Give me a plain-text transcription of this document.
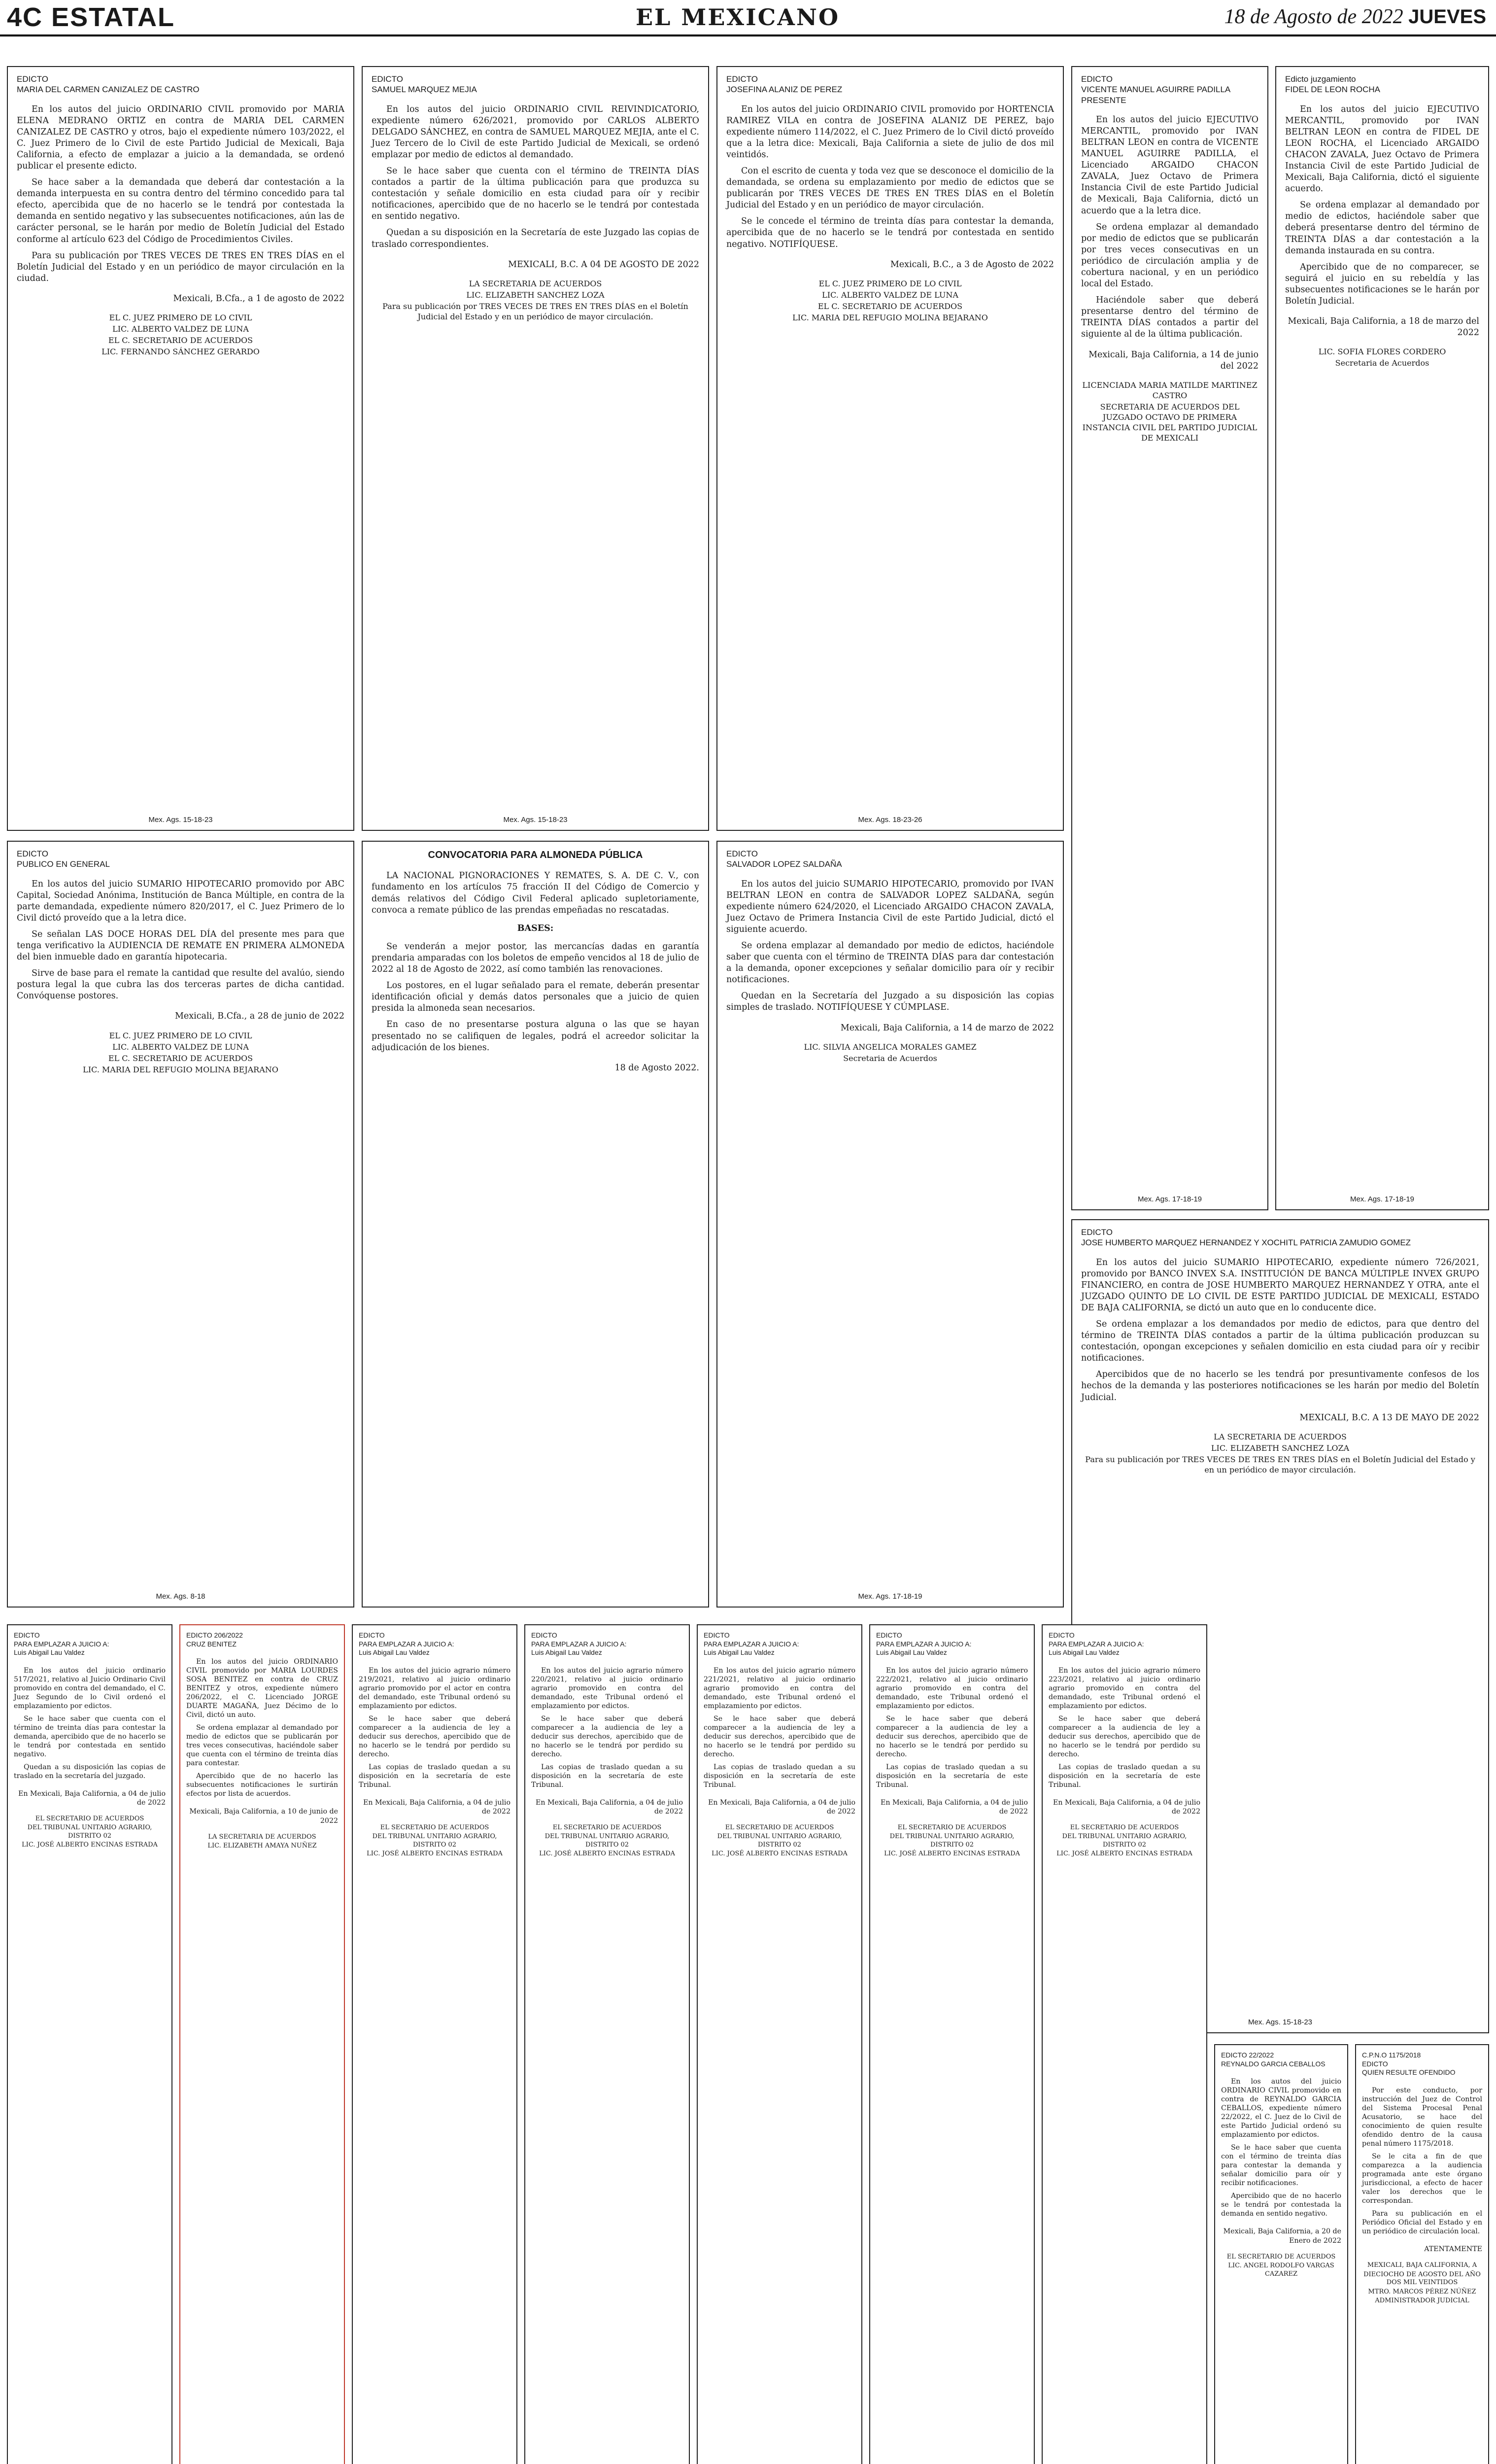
4C ESTATAL	EL MEXICANO	18 de Agosto de 2022 JUEVES

EDICTO

MARIA DEL CARMEN CANIZALEZ DE CASTRO

En los autos del juicio ORDINARIO CIVIL promovido por MARIA ELENA MEDRANO ORTIZ en contra de MARIA DEL CARMEN CANIZALEZ DE CASTRO y otros, bajo el expediente número 103/2022, el C. Juez Primero de lo Civil de este Partido Judicial de Mexicali, Baja California, a efecto de emplazar a juicio a la demandada, se ordenó publicar el presente edicto.

Se hace saber a la demandada que deberá dar contestación a la demanda interpuesta en su contra dentro del término concedido para tal efecto, apercibida que de no hacerlo se le tendrá por contestada la demanda en sentido negativo y las subsecuentes notificaciones, aún las de carácter personal, se le harán por medio de Boletín Judicial del Estado conforme al artículo 623 del Código de Procedimientos Civiles.

Para su publicación por TRES VECES DE TRES EN TRES DÍAS en el Boletín Judicial del Estado y en un periódico de mayor circulación en la ciudad.

Mexicali, B.Cfa., a 1 de agosto de 2022

EL C. JUEZ PRIMERO DE LO CIVIL

LIC. ALBERTO VALDEZ DE LUNA

EL C. SECRETARIO DE ACUERDOS

LIC. FERNANDO SÁNCHEZ GERARDO

Mex. Ags. 15-18-23

EDICTO

SAMUEL MARQUEZ MEJIA

En los autos del juicio ORDINARIO CIVIL REIVINDICATORIO, expediente número 626/2021, promovido por CARLOS ALBERTO DELGADO SÁNCHEZ, en contra de SAMUEL MARQUEZ MEJIA, ante el C. Juez Tercero de lo Civil de este Partido Judicial de Mexicali, se ordenó emplazar por medio de edictos al demandado.

Se le hace saber que cuenta con el término de TREINTA DÍAS contados a partir de la última publicación para que produzca su contestación y señale domicilio en esta ciudad para oír y recibir notificaciones, apercibido que de no hacerlo se le tendrá por contestada en sentido negativo.

Quedan a su disposición en la Secretaría de este Juzgado las copias de traslado correspondientes.

MEXICALI, B.C. A 04 DE AGOSTO DE 2022

LA SECRETARIA DE ACUERDOS

LIC. ELIZABETH SANCHEZ LOZA

Para su publicación por TRES VECES DE TRES EN TRES DÍAS en el Boletín Judicial del Estado y en un periódico de mayor circulación.

Mex. Ags. 15-18-23

EDICTO

JOSEFINA ALANIZ DE PEREZ

En los autos del juicio ORDINARIO CIVIL promovido por HORTENCIA RAMIREZ VILA en contra de JOSEFINA ALANIZ DE PEREZ, bajo expediente número 114/2022, el C. Juez Primero de lo Civil dictó proveído que a la letra dice: Mexicali, Baja California a siete de julio de dos mil veintidós.

Con el escrito de cuenta y toda vez que se desconoce el domicilio de la demandada, se ordena su emplazamiento por medio de edictos que se publicarán por TRES VECES DE TRES EN TRES DÍAS en el Boletín Judicial del Estado y en un periódico de mayor circulación.

Se le concede el término de treinta días para contestar la demanda, apercibida que de no hacerlo se le tendrá por contestada en sentido negativo. NOTIFÍQUESE.

Mexicali, B.C., a 3 de Agosto de 2022

EL C. JUEZ PRIMERO DE LO CIVIL

LIC. ALBERTO VALDEZ DE LUNA

EL C. SECRETARIO DE ACUERDOS

LIC. MARIA DEL REFUGIO MOLINA BEJARANO

Mex. Ags. 18-23-26

EDICTO

PUBLICO EN GENERAL

En los autos del juicio SUMARIO HIPOTECARIO promovido por ABC Capital, Sociedad Anónima, Institución de Banca Múltiple, en contra de la parte demandada, expediente número 820/2017, el C. Juez Primero de lo Civil dictó proveído que a la letra dice.

Se señalan LAS DOCE HORAS DEL DÍA del presente mes para que tenga verificativo la AUDIENCIA DE REMATE EN PRIMERA ALMONEDA del bien inmueble dado en garantía hipotecaria.

Sirve de base para el remate la cantidad que resulte del avalúo, siendo postura legal la que cubra las dos terceras partes de dicha cantidad. Convóquense postores.

Mexicali, B.Cfa., a 28 de junio de 2022

EL C. JUEZ PRIMERO DE LO CIVIL

LIC. ALBERTO VALDEZ DE LUNA

EL C. SECRETARIO DE ACUERDOS

LIC. MARIA DEL REFUGIO MOLINA BEJARANO

Mex. Ags. 8-18
CONVOCATORIA PARA ALMONEDA PÚBLICA

LA NACIONAL PIGNORACIONES Y REMATES, S. A. DE C. V., con fundamento en los artículos 75 fracción II del Código de Comercio y demás relativos del Código Civil Federal aplicado supletoriamente, convoca a remate público de las prendas empeñadas no rescatadas.

BASES:

Se venderán a mejor postor, las mercancías dadas en garantía prendaria amparadas con los boletos de empeño vencidos al 18 de julio de 2022 al 18 de Agosto de 2022, así como también las renovaciones.

Los postores, en el lugar señalado para el remate, deberán presentar identificación oficial y demás datos personales que a juicio de quien presida la almoneda sean necesarios.

En caso de no presentarse postura alguna o las que se hayan presentado no se califiquen de legales, podrá el acreedor solicitar la adjudicación de los bienes.

18 de Agosto 2022.

EDICTO

SALVADOR LOPEZ SALDAÑA

En los autos del juicio SUMARIO HIPOTECARIO, promovido por IVAN BELTRAN LEON en contra de SALVADOR LOPEZ SALDAÑA, según expediente número 624/2020, el Licenciado ARGAIDO CHACON ZAVALA, Juez Octavo de Primera Instancia Civil de este Partido Judicial, dictó el siguiente acuerdo.

Se ordena emplazar al demandado por medio de edictos, haciéndole saber que cuenta con el término de TREINTA DÍAS para dar contestación a la demanda, oponer excepciones y señalar domicilio para oír y recibir notificaciones.

Quedan en la Secretaría del Juzgado a su disposición las copias simples de traslado. NOTIFÍQUESE Y CÚMPLASE.

Mexicali, Baja California, a 14 de marzo de 2022

LIC. SILVIA ANGELICA MORALES GAMEZ

Secretaria de Acuerdos

Mex. Ags. 17-18-19

EDICTO

VICENTE MANUEL AGUIRRE PADILLA

PRESENTE

En los autos del juicio EJECUTIVO MERCANTIL, promovido por IVAN BELTRAN LEON en contra de VICENTE MANUEL AGUIRRE PADILLA, el Licenciado ARGAIDO CHACON ZAVALA, Juez Octavo de Primera Instancia Civil de este Partido Judicial de Mexicali, Baja California, dictó un acuerdo que a la letra dice.

Se ordena emplazar al demandado por medio de edictos que se publicarán por tres veces consecutivas en un periódico de circulación amplia y de cobertura nacional, y en un periódico local del Estado.

Haciéndole saber que deberá presentarse dentro del término de TREINTA DÍAS contados a partir del siguiente al de la última publicación.

Mexicali, Baja California, a 14 de junio del 2022

LICENCIADA MARIA MATILDE MARTINEZ CASTRO

SECRETARIA DE ACUERDOS DEL JUZGADO OCTAVO DE PRIMERA INSTANCIA CIVIL DEL PARTIDO JUDICIAL DE MEXICALI

Mex. Ags. 17-18-19

Edicto juzgamiento

FIDEL DE LEON ROCHA

En los autos del juicio EJECUTIVO MERCANTIL, promovido por IVAN BELTRAN LEON en contra de FIDEL DE LEON ROCHA, el Licenciado ARGAIDO CHACON ZAVALA, Juez Octavo de Primera Instancia Civil de este Partido Judicial de Mexicali, Baja California, dictó el siguiente acuerdo.

Se ordena emplazar al demandado por medio de edictos, haciéndole saber que deberá presentarse dentro del término de TREINTA DÍAS a dar contestación a la demanda instaurada en su contra.

Apercibido que de no comparecer, se seguirá el juicio en su rebeldía y las subsecuentes notificaciones se le harán por Boletín Judicial.

Mexicali, Baja California, a 18 de marzo del 2022

LIC. SOFIA FLORES CORDERO

Secretaria de Acuerdos

Mex. Ags. 17-18-19

EDICTO

JOSE HUMBERTO MARQUEZ HERNANDEZ Y XOCHITL PATRICIA ZAMUDIO GOMEZ

En los autos del juicio SUMARIO HIPOTECARIO, expediente número 726/2021, promovido por BANCO INVEX S.A. INSTITUCIÓN DE BANCA MÚLTIPLE INVEX GRUPO FINANCIERO, en contra de JOSE HUMBERTO MARQUEZ HERNANDEZ Y OTRA, ante el JUZGADO QUINTO DE LO CIVIL DE ESTE PARTIDO JUDICIAL DE MEXICALI, ESTADO DE BAJA CALIFORNIA, se dictó un auto que en lo conducente dice.

Se ordena emplazar a los demandados por medio de edictos, para que dentro del término de TREINTA DÍAS contados a partir de la última publicación produzcan su contestación, opongan excepciones y señalen domicilio en esta ciudad para oír y recibir notificaciones.

Apercibidos que de no hacerlo se les tendrá por presuntivamente confesos de los hechos de la demanda y las posteriores notificaciones se les harán por medio del Boletín Judicial.

MEXICALI, B.C. A 13 DE MAYO DE 2022

LA SECRETARIA DE ACUERDOS

LIC. ELIZABETH SANCHEZ LOZA

Para su publicación por TRES VECES DE TRES EN TRES DÍAS en el Boletín Judicial del Estado y en un periódico de mayor circulación.

Mex. Ags. 15-18-23

EDICTO

PARA EMPLAZAR A JUICIO A:

Luis Abigail Lau Valdez

En los autos del juicio ordinario 517/2021, relativo al Juicio Ordinario Civil promovido en contra del demandado, el C. Juez Segundo de lo Civil ordenó el emplazamiento por edictos.

Se le hace saber que cuenta con el término de treinta días para contestar la demanda, apercibido que de no hacerlo se le tendrá por contestada en sentido negativo.

Quedan a su disposición las copias de traslado en la secretaría del juzgado.

En Mexicali, Baja California, a 04 de julio de 2022

EL SECRETARIO DE ACUERDOS

DEL TRIBUNAL UNITARIO AGRARIO, DISTRITO 02

LIC. JOSÉ ALBERTO ENCINAS ESTRADA

EDICTO 206/2022

CRUZ BENITEZ

En los autos del juicio ORDINARIO CIVIL promovido por MARIA LOURDES SOSA BENITEZ en contra de CRUZ BENITEZ y otros, expediente número 206/2022, el C. Licenciado JORGE DUARTE MAGAÑA, Juez Décimo de lo Civil, dictó un auto.

Se ordena emplazar al demandado por medio de edictos que se publicarán por tres veces consecutivas, haciéndole saber que cuenta con el término de treinta días para contestar.

Apercibido que de no hacerlo las subsecuentes notificaciones le surtirán efectos por lista de acuerdos.

Mexicali, Baja California, a 10 de junio de 2022

LA SECRETARIA DE ACUERDOS

LIC. ELIZABETH AMAYA NUÑEZ

EDICTO

PARA EMPLAZAR A JUICIO A:

Luis Abigail Lau Valdez

En los autos del juicio agrario número 219/2021, relativo al juicio ordinario agrario promovido por el actor en contra del demandado, este Tribunal ordenó su emplazamiento por edictos.

Se le hace saber que deberá comparecer a la audiencia de ley a deducir sus derechos, apercibido que de no hacerlo se le tendrá por perdido su derecho.

Las copias de traslado quedan a su disposición en la secretaría de este Tribunal.

En Mexicali, Baja California, a 04 de julio de 2022

EL SECRETARIO DE ACUERDOS

DEL TRIBUNAL UNITARIO AGRARIO, DISTRITO 02

LIC. JOSÉ ALBERTO ENCINAS ESTRADA

EDICTO

PARA EMPLAZAR A JUICIO A:

Luis Abigail Lau Valdez

En los autos del juicio agrario número 220/2021, relativo al juicio ordinario agrario promovido en contra del demandado, este Tribunal ordenó el emplazamiento por edictos.

Se le hace saber que deberá comparecer a la audiencia de ley a deducir sus derechos, apercibido que de no hacerlo se le tendrá por perdido su derecho.

Las copias de traslado quedan a su disposición en la secretaría de este Tribunal.

En Mexicali, Baja California, a 04 de julio de 2022

EL SECRETARIO DE ACUERDOS

DEL TRIBUNAL UNITARIO AGRARIO, DISTRITO 02

LIC. JOSÉ ALBERTO ENCINAS ESTRADA

EDICTO

PARA EMPLAZAR A JUICIO A:

Luis Abigail Lau Valdez

En los autos del juicio agrario número 221/2021, relativo al juicio ordinario agrario promovido en contra del demandado, este Tribunal ordenó el emplazamiento por edictos.

Se le hace saber que deberá comparecer a la audiencia de ley a deducir sus derechos, apercibido que de no hacerlo se le tendrá por perdido su derecho.

Las copias de traslado quedan a su disposición en la secretaría de este Tribunal.

En Mexicali, Baja California, a 04 de julio de 2022

EL SECRETARIO DE ACUERDOS

DEL TRIBUNAL UNITARIO AGRARIO, DISTRITO 02

LIC. JOSÉ ALBERTO ENCINAS ESTRADA

EDICTO

PARA EMPLAZAR A JUICIO A:

Luis Abigail Lau Valdez

En los autos del juicio agrario número 222/2021, relativo al juicio ordinario agrario promovido en contra del demandado, este Tribunal ordenó el emplazamiento por edictos.

Se le hace saber que deberá comparecer a la audiencia de ley a deducir sus derechos, apercibido que de no hacerlo se le tendrá por perdido su derecho.

Las copias de traslado quedan a su disposición en la secretaría de este Tribunal.

En Mexicali, Baja California, a 04 de julio de 2022

EL SECRETARIO DE ACUERDOS

DEL TRIBUNAL UNITARIO AGRARIO, DISTRITO 02

LIC. JOSÉ ALBERTO ENCINAS ESTRADA

EDICTO

PARA EMPLAZAR A JUICIO A:

Luis Abigail Lau Valdez

En los autos del juicio agrario número 223/2021, relativo al juicio ordinario agrario promovido en contra del demandado, este Tribunal ordenó el emplazamiento por edictos.

Se le hace saber que deberá comparecer a la audiencia de ley a deducir sus derechos, apercibido que de no hacerlo se le tendrá por perdido su derecho.

Las copias de traslado quedan a su disposición en la secretaría de este Tribunal.

En Mexicali, Baja California, a 04 de julio de 2022

EL SECRETARIO DE ACUERDOS

DEL TRIBUNAL UNITARIO AGRARIO, DISTRITO 02

LIC. JOSÉ ALBERTO ENCINAS ESTRADA

EDICTO 22/2022

REYNALDO GARCIA CEBALLOS

En los autos del juicio ORDINARIO CIVIL promovido en contra de REYNALDO GARCIA CEBALLOS, expediente número 22/2022, el C. Juez de lo Civil de este Partido Judicial ordenó su emplazamiento por edictos.

Se le hace saber que cuenta con el término de treinta días para contestar la demanda y señalar domicilio para oír y recibir notificaciones.

Apercibido que de no hacerlo se le tendrá por contestada la demanda en sentido negativo.

Mexicali, Baja California, a 20 de Enero de 2022

EL SECRETARIO DE ACUERDOS

LIC. ANGEL RODOLFO VARGAS CAZAREZ

C.P.N.O 1175/2018

EDICTO

QUIEN RESULTE OFENDIDO

Por este conducto, por instrucción del Juez de Control del Sistema Procesal Penal Acusatorio, se hace del conocimiento de quien resulte ofendido dentro de la causa penal número 1175/2018.

Se le cita a fin de que comparezca a la audiencia programada ante este órgano jurisdiccional, a efecto de hacer valer los derechos que le correspondan.

Para su publicación en el Periódico Oficial del Estado y en un periódico de circulación local.

ATENTAMENTE

MEXICALI, BAJA CALIFORNIA, A

DIECIOCHO DE AGOSTO DEL AÑO DOS MIL VEINTIDOS

MTRO. MARCOS PÉREZ NÚÑEZ

ADMINISTRADOR JUDICIAL
